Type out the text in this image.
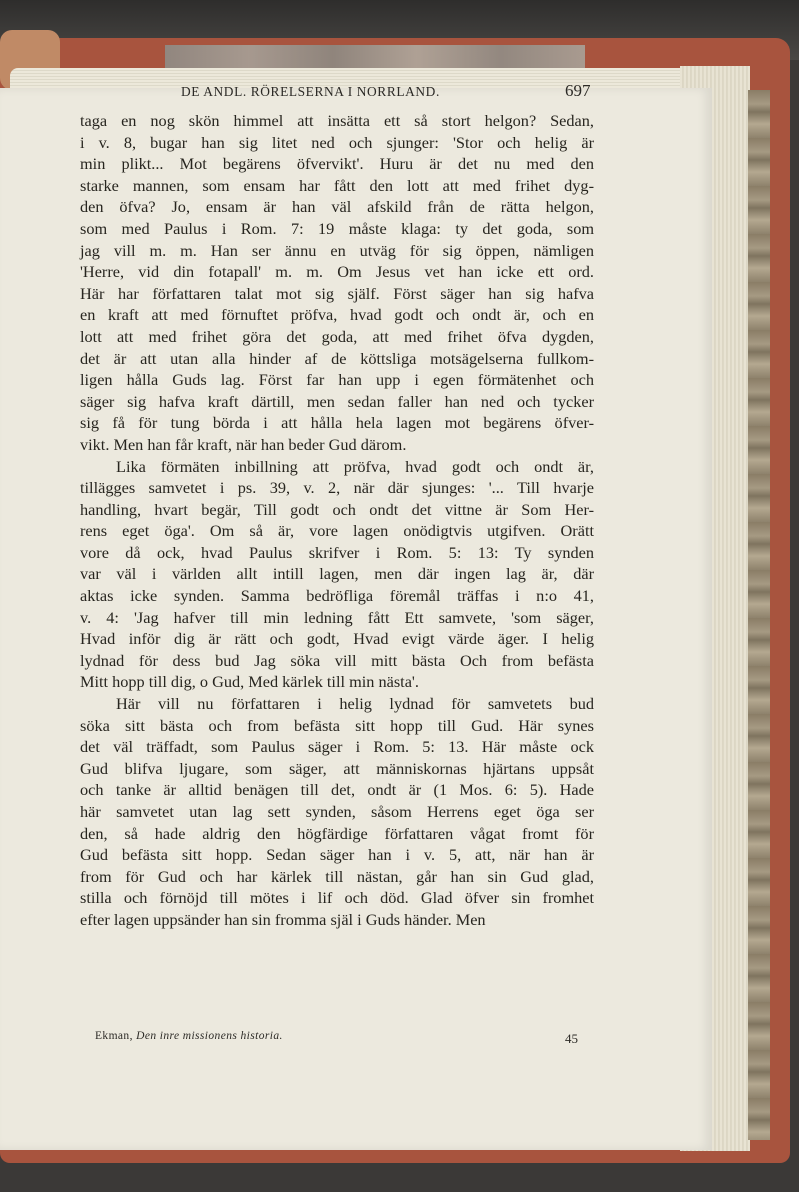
DE ANDL. RÖRELSERNA I NORRLAND.	697
taga en nog skön himmel att insätta ett så stort helgon? Sedan,
i v. 8, bugar han sig litet ned och sjunger: 'Stor och helig är
min plikt... Mot begärens öfvervikt'. Huru är det nu med den
starke mannen, som ensam har fått den lott att med frihet dyg-
den öfva? Jo, ensam är han väl afskild från de rätta helgon,
som med Paulus i Rom. 7: 19 måste klaga: ty det goda, som
jag vill m. m. Han ser ännu en utväg för sig öppen, nämligen
'Herre, vid din fotapall' m. m. Om Jesus vet han icke ett ord.
Här har författaren talat mot sig själf. Först säger han sig hafva
en kraft att med förnuftet pröfva, hvad godt och ondt är, och en
lott att med frihet göra det goda, att med frihet öfva dygden,
det är att utan alla hinder af de köttsliga motsägelserna fullkom-
ligen hålla Guds lag. Först far han upp i egen förmätenhet och
säger sig hafva kraft därtill, men sedan faller han ned och tycker
sig få för tung börda i att hålla hela lagen mot begärens öfver-
vikt. Men han får kraft, när han beder Gud därom.
Lika förmäten inbillning att pröfva, hvad godt och ondt är,
tillägges samvetet i ps. 39, v. 2, när där sjunges: '... Till hvarje
handling, hvart begär, Till godt och ondt det vittne är Som Her-
rens eget öga'. Om så är, vore lagen onödigtvis utgifven. Orätt
vore då ock, hvad Paulus skrifver i Rom. 5: 13: Ty synden
var väl i världen allt intill lagen, men där ingen lag är, där
aktas icke synden. Samma bedröfliga föremål träffas i n:o 41,
v. 4: 'Jag hafver till min ledning fått Ett samvete, 'som säger,
Hvad inför dig är rätt och godt, Hvad evigt värde äger. I helig
lydnad för dess bud Jag söka vill mitt bästa Och from befästa
Mitt hopp till dig, o Gud, Med kärlek till min nästa'.
Här vill nu författaren i helig lydnad för samvetets bud
söka sitt bästa och from befästa sitt hopp till Gud. Här synes
det väl träffadt, som Paulus säger i Rom. 5: 13. Här måste ock
Gud blifva ljugare, som säger, att människornas hjärtans uppsåt
och tanke är alltid benägen till det, ondt är (1 Mos. 6: 5). Hade
här samvetet utan lag sett synden, såsom Herrens eget öga ser
den, så hade aldrig den högfärdige författaren vågat fromt för
Gud befästa sitt hopp. Sedan säger han i v. 5, att, när han är
from för Gud och har kärlek till nästan, går han sin Gud glad,
stilla och förnöjd till mötes i lif och död. Glad öfver sin fromhet
efter lagen uppsänder han sin fromma själ i Guds händer. Men
Ekman, Den inre missionens historia.	45
